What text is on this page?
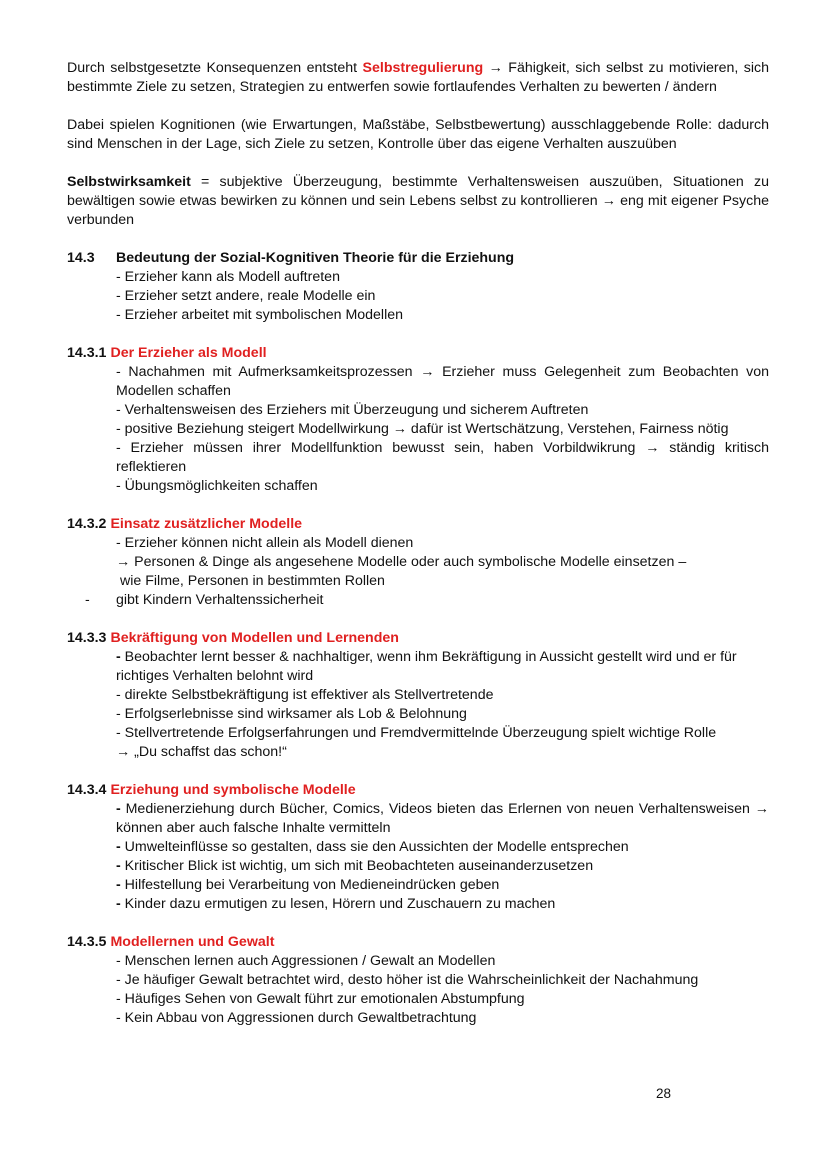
Durch selbstgesetzte Konsequenzen entsteht Selbstregulierung → Fähigkeit, sich selbst zu motivieren, sich bestimmte Ziele zu setzen, Strategien zu entwerfen sowie fortlaufendes Verhalten zu bewerten / ändern

Dabei spielen Kognitionen (wie Erwartungen, Maßstäbe, Selbstbewertung) ausschlaggebende Rolle: dadurch sind Menschen in der Lage, sich Ziele zu setzen, Kontrolle über das eigene Verhalten auszuüben

Selbstwirksamkeit = subjektive Überzeugung, bestimmte Verhaltensweisen auszuüben, Situationen zu bewältigen sowie etwas bewirken zu können und sein Lebens selbst zu kontrollieren → eng mit eigener Psyche verbunden

14.3	Bedeutung der Sozial-Kognitiven Theorie für die Erziehung

- Erzieher kann als Modell auftreten

- Erzieher setzt andere, reale Modelle ein

- Erzieher arbeitet mit symbolischen Modellen

14.3.1 Der Erzieher als Modell

- Nachahmen mit Aufmerksamkeitsprozessen → Erzieher muss Gelegenheit zum Beobachten von Modellen schaffen

- Verhaltensweisen des Erziehers mit Überzeugung und sicherem Auftreten

- positive Beziehung steigert Modellwirkung → dafür ist Wertschätzung, Verstehen, Fairness nötig

- Erzieher müssen ihrer Modellfunktion bewusst sein, haben Vorbildwikrung → ständig kritisch reflektieren

- Übungsmöglichkeiten schaffen

14.3.2 Einsatz zusätzlicher Modelle

- Erzieher können nicht allein als Modell dienen

→ Personen & Dinge als angesehene Modelle oder auch symbolische Modelle einsetzen –

wie Filme, Personen in bestimmten Rollen

-	gibt Kindern Verhaltenssicherheit
14.3.3 Bekräftigung von Modellen und Lernenden

- Beobachter lernt besser & nachhaltiger, wenn ihm Bekräftigung in Aussicht gestellt wird und er für richtiges Verhalten belohnt wird

- direkte Selbstbekräftigung ist effektiver als Stellvertretende

- Erfolgserlebnisse sind wirksamer als Lob & Belohnung

- Stellvertretende Erfolgserfahrungen und Fremdvermittelnde Überzeugung spielt wichtige Rolle

→ „Du schaffst das schon!“

14.3.4 Erziehung und symbolische Modelle

- Medienerziehung durch Bücher, Comics, Videos bieten das Erlernen von neuen Verhaltensweisen → können aber auch falsche Inhalte vermitteln

- Umwelteinflüsse so gestalten, dass sie den Aussichten der Modelle entsprechen

- Kritischer Blick ist wichtig, um sich mit Beobachteten auseinanderzusetzen

- Hilfestellung bei Verarbeitung von Medieneindrücken geben

- Kinder dazu ermutigen zu lesen, Hörern und Zuschauern zu machen

14.3.5 Modellernen und Gewalt

- Menschen lernen auch Aggressionen / Gewalt an Modellen

- Je häufiger Gewalt betrachtet wird, desto höher ist die Wahrscheinlichkeit der Nachahmung

- Häufiges Sehen von Gewalt führt zur emotionalen Abstumpfung

- Kein Abbau von Aggressionen durch Gewaltbetrachtung

28
